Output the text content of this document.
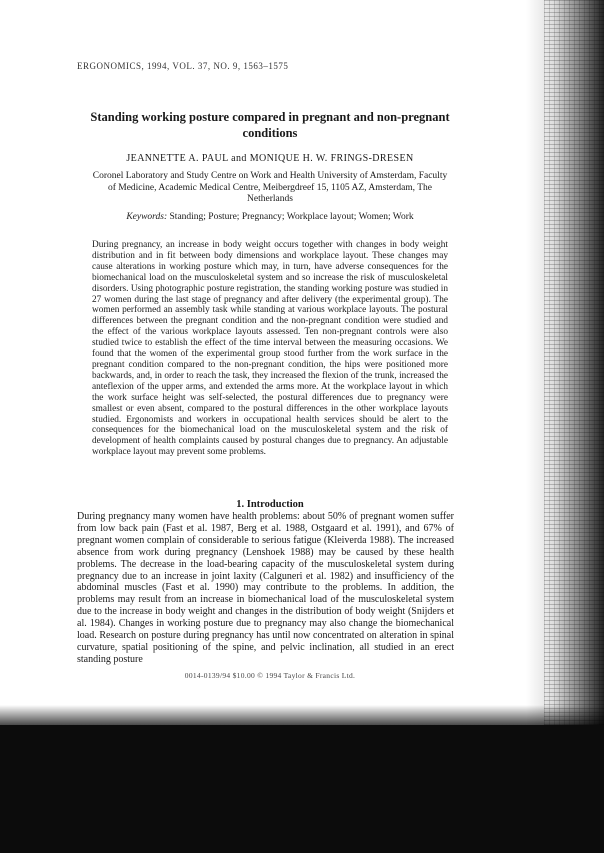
ERGONOMICS, 1994, VOL. 37, NO. 9, 1563–1575
Standing working posture compared in pregnant and non-pregnant conditions
JEANNETTE A. PAUL and MONIQUE H. W. FRINGS-DRESEN
Coronel Laboratory and Study Centre on Work and Health University of Amsterdam, Faculty of Medicine, Academic Medical Centre, Meibergdreef 15, 1105 AZ, Amsterdam, The Netherlands
Keywords: Standing; Posture; Pregnancy; Workplace layout; Women; Work
During pregnancy, an increase in body weight occurs together with changes in body weight distribution and in fit between body dimensions and workplace layout. These changes may cause alterations in working posture which may, in turn, have adverse consequences for the biomechanical load on the musculoskeletal system and so increase the risk of musculoskeletal disorders. Using photographic posture registration, the standing working posture was studied in 27 women during the last stage of pregnancy and after delivery (the experimental group). The women performed an assembly task while standing at various workplace layouts. The postural differences between the pregnant condition and the non-pregnant condition were studied and the effect of the various workplace layouts assessed. Ten non-pregnant controls were also studied twice to establish the effect of the time interval between the measuring occasions. We found that the women of the experimental group stood further from the work surface in the pregnant condition compared to the non-pregnant condition, the hips were positioned more backwards, and, in order to reach the task, they increased the flexion of the trunk, increased the anteflexion of the upper arms, and extended the arms more. At the workplace layout in which the work surface height was self-selected, the postural differences due to pregnancy were smallest or even absent, compared to the postural differences in the other workplace layouts studied. Ergonomists and workers in occupational health services should be alert to the consequences for the biomechanical load on the musculoskeletal system and the risk of development of health complaints caused by postural changes due to pregnancy. An adjustable workplace layout may prevent some problems.
1. Introduction
During pregnancy many women have health problems: about 50% of pregnant women suffer from low back pain (Fast et al. 1987, Berg et al. 1988, Ostgaard et al. 1991), and 67% of pregnant women complain of considerable to serious fatigue (Kleiverda 1988). The increased absence from work during pregnancy (Lenshoek 1988) may be caused by these health problems. The decrease in the load-bearing capacity of the musculoskeletal system during pregnancy due to an increase in joint laxity (Calguneri et al. 1982) and insufficiency of the abdominal muscles (Fast et al. 1990) may contribute to the problems. In addition, the problems may result from an increase in biomechanical load of the musculoskeletal system due to the increase in body weight and changes in the distribution of body weight (Snijders et al. 1984). Changes in working posture due to pregnancy may also change the biomechanical load. Research on posture during pregnancy has until now concentrated on alteration in spinal curvature, spatial positioning of the spine, and pelvic inclination, all studied in an erect standing posture
0014-0139/94 $10.00 © 1994 Taylor & Francis Ltd.
